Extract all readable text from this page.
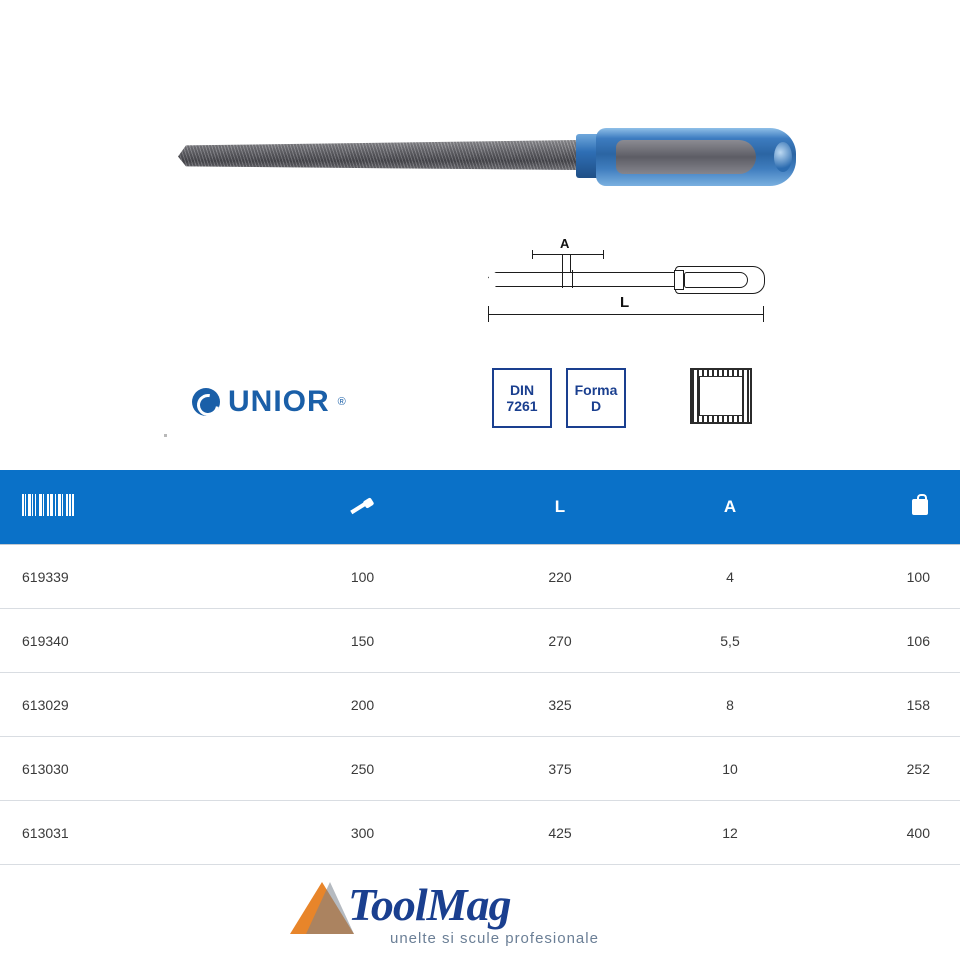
A
L
UNIOR ®
DIN
7261
Forma
D
		L	A	
619339	100	220	4	100
619340	150	270	5,5	106
613029	200	325	8	158
613030	250	375	10	252
613031	300	425	12	400
ToolMag
unelte si scule profesionale
